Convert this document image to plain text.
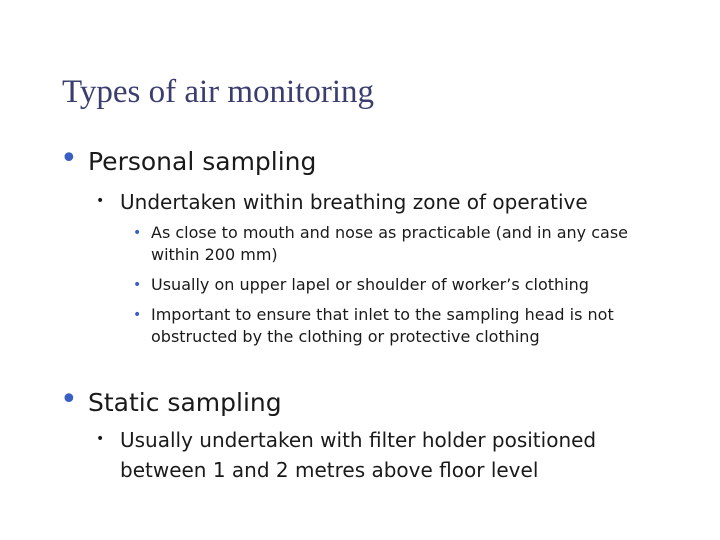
Types of air monitoring
• Personal sampling
• Undertaken within breathing zone of operative
• As close to mouth and nose as practicable (and in any case within 200 mm)
• Usually on upper lapel or shoulder of worker’s clothing
• Important to ensure that inlet to the sampling head is not obstructed by the clothing or protective clothing
• Static sampling
• Usually undertaken with filter holder positioned between 1 and 2 metres above floor level
